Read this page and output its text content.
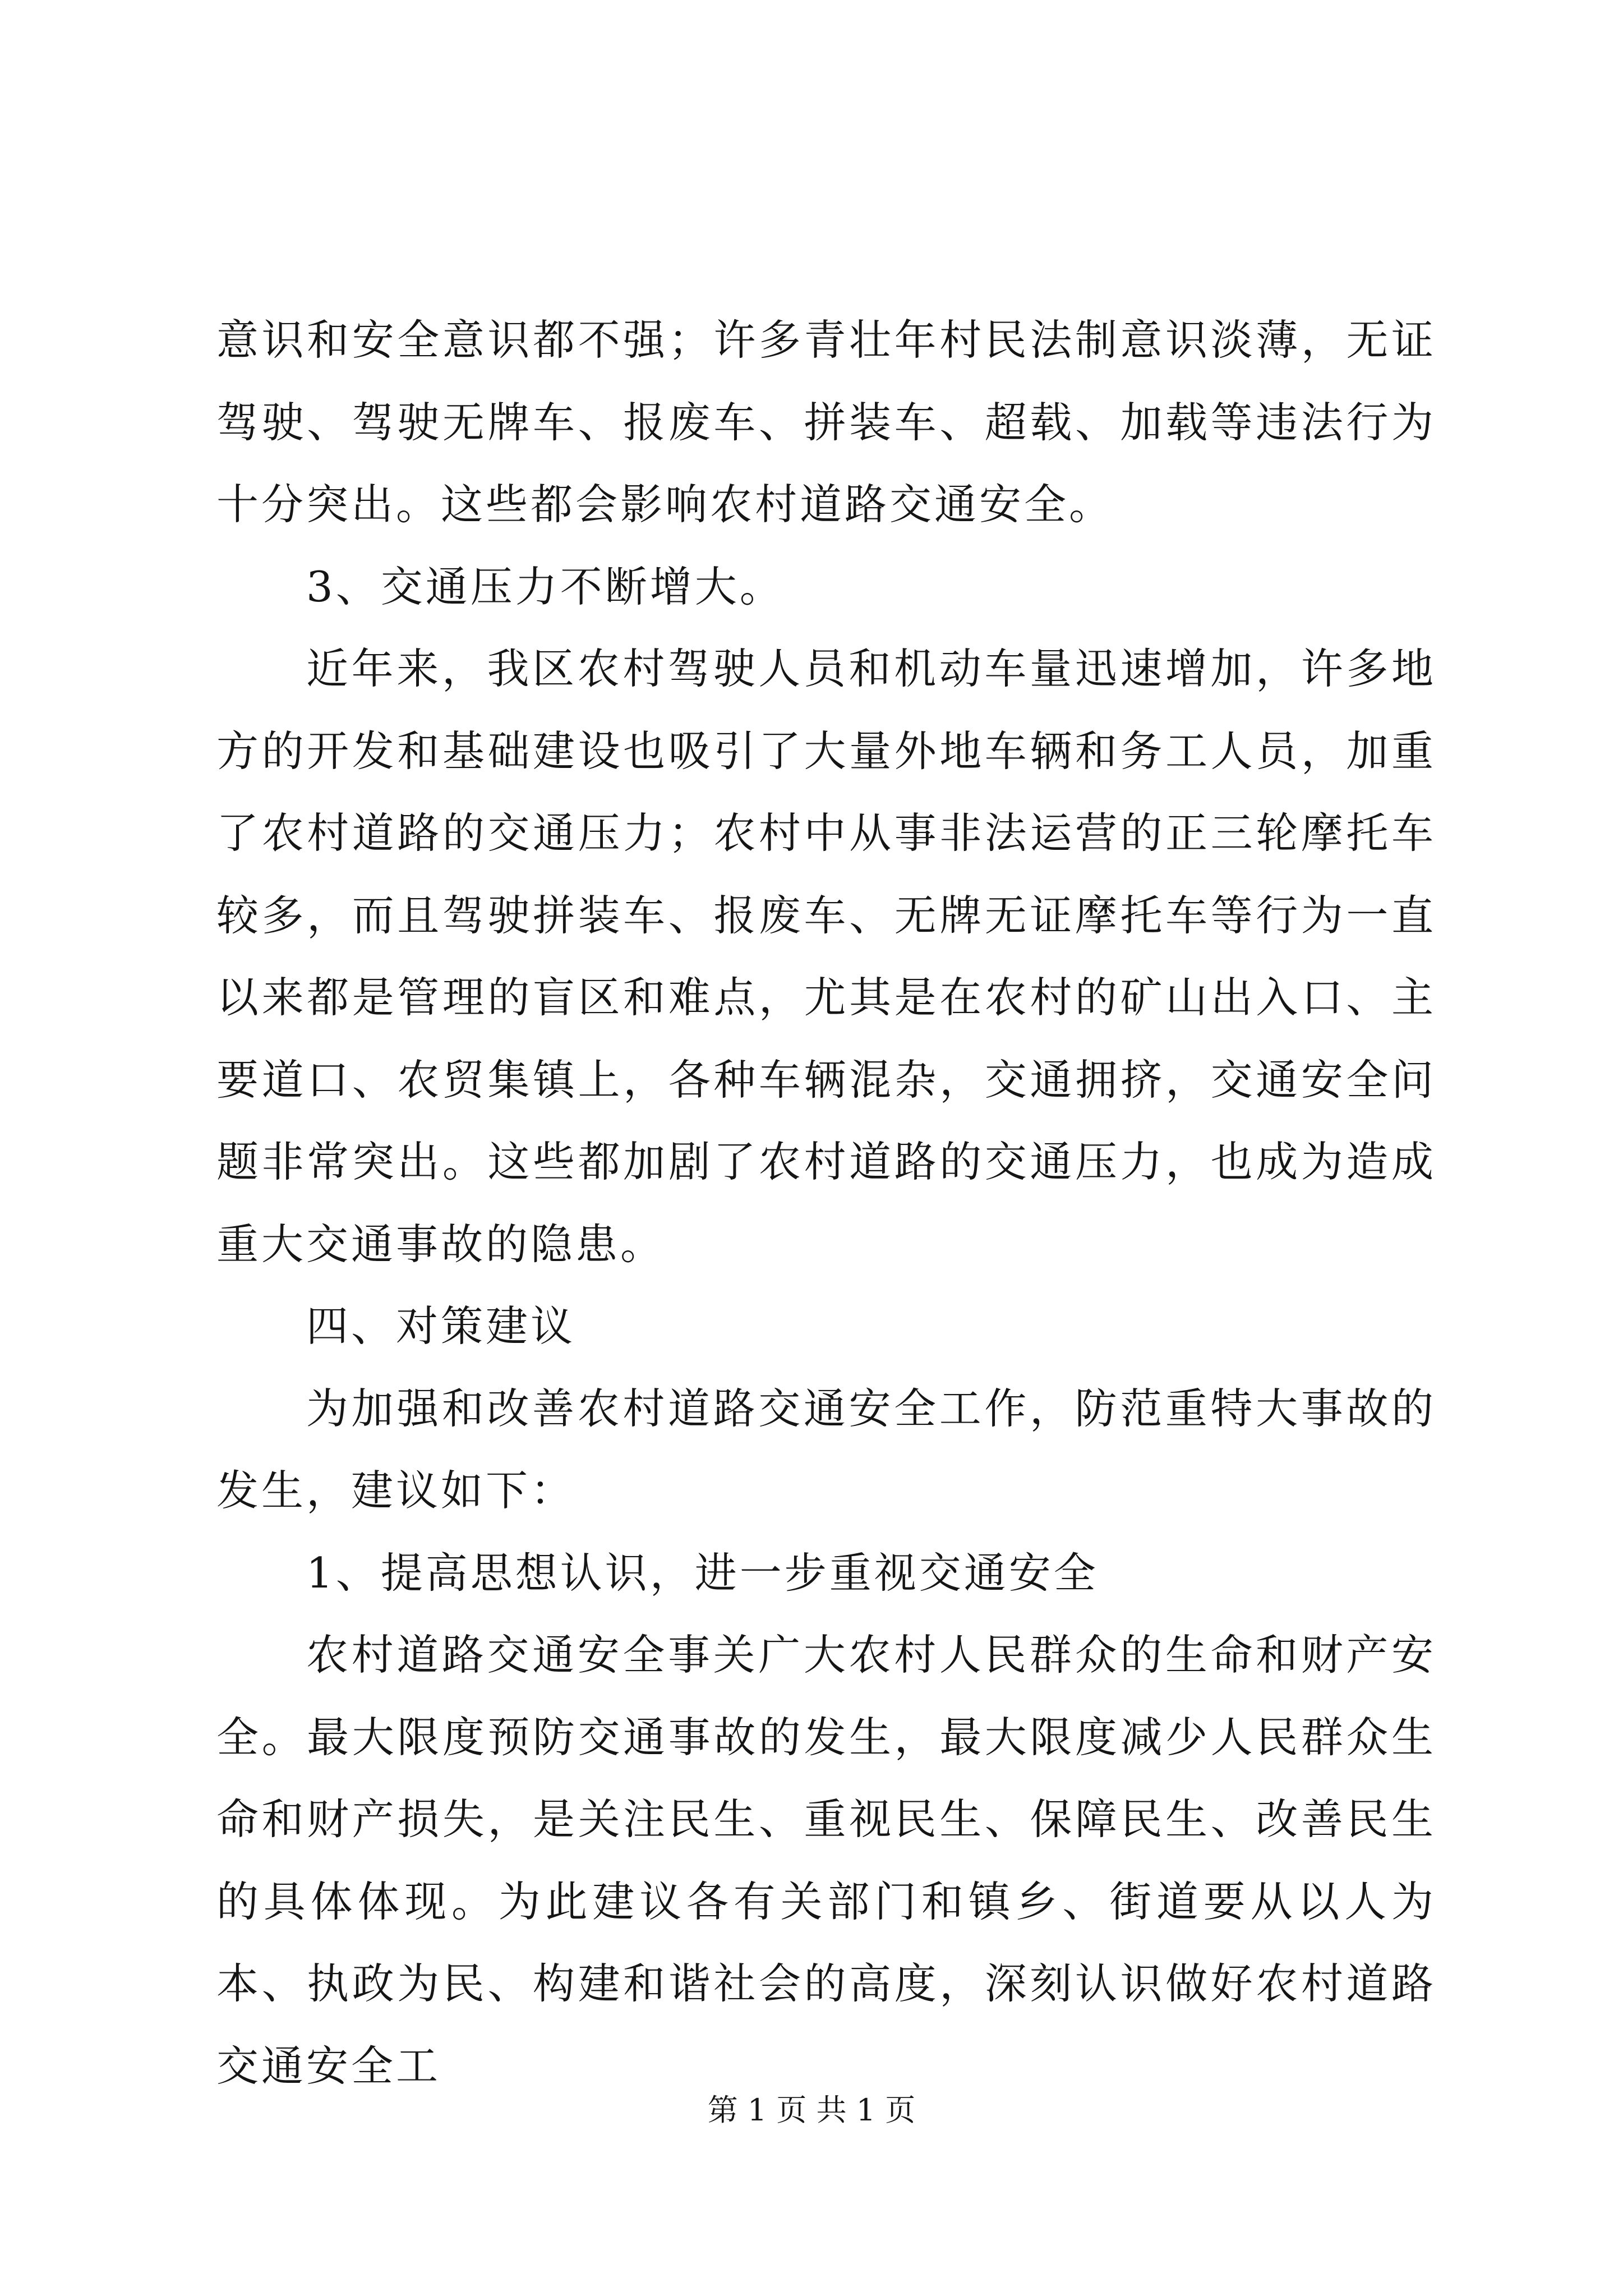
意识和安全意识都不强；许多青壮年村民法制意识淡薄，无证驾驶、驾驶无牌车、报废车、拼装车、超载、加载等违法行为十分突出。这些都会影响农村道路交通安全。

3、交通压力不断增大。

近年来，我区农村驾驶人员和机动车量迅速增加，许多地方的开发和基础建设也吸引了大量外地车辆和务工人员，加重了农村道路的交通压力；农村中从事非法运营的正三轮摩托车较多，而且驾驶拼装车、报废车、无牌无证摩托车等行为一直以来都是管理的盲区和难点，尤其是在农村的矿山出入口、主要道口、农贸集镇上，各种车辆混杂，交通拥挤，交通安全问题非常突出。这些都加剧了农村道路的交通压力，也成为造成重大交通事故的隐患。

四、对策建议

为加强和改善农村道路交通安全工作，防范重特大事故的发生，建议如下：

1、提高思想认识，进一步重视交通安全

农村道路交通安全事关广大农村人民群众的生命和财产安全。最大限度预防交通事故的发生，最大限度减少人民群众生命和财产损失，是关注民生、重视民生、保障民生、改善民生的具体体现。为此建议各有关部门和镇乡、街道要从以人为本、执政为民、构建和谐社会的高度，深刻认识做好农村道路交通安全工

第 1 页 共 1 页
